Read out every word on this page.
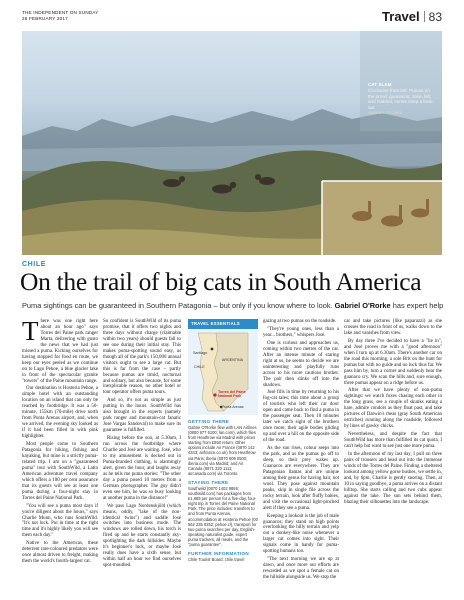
THE INDEPENDENT ON SUNDAY
26 FEBRUARY 2017	Travel 83
CAT SLAM
Clockwise from left: Pumas on the prowl; guanacos; José, left, and Gabriel, centre keep a look-out
GABRIEL O'RORKE
CHILE
On the trail of big cats in South America
Puma sightings can be guaranteed in Southern Patagonia – but only if you know where to look. Gabriel O'Rorke has expert help

There was one right here about an hour ago" says Torres del Paine park ranger Marta, delivering with gusto the news that we had just missed a puma. Kicking ourselves for having stopped for food en route, we keep our eyes peeled as we continue on to Lago Pehoe, a blue glacier lake in front of the spectacular granite "towers" of the Paine mountain range.

Our destination is Hosteria Pehoe, a simple hotel with an outstanding location on an island that can only be reached by footbridge. It was a 50-minute, 155km (70-mile) drive north from Punta Arenas airport, and, when we arrived, the evening sky looked as if it had been filled in with pink highlighter.

Most people come to Southern Patagonia for hiking, fishing and kayaking, but mine is a strictly puma-related trip. I am on a "guaranteed puma" tour with SouthWild, a Latin American adventure travel company which offers a 100 per cent assurance that its guests will see at least one puma during a four-night stay in Torres del Paine National Park.

"You will see a puma most days if you're diligent about the hours," says Charlie Munn, who runs SouthWild. "It's not luck. Put in time at the right time and it's highly likely you will see them each day."

Native to the Americas, these deterrent rare-coloured predators were once almost driven to freight, making them the world's fourth-largest cat.

So confident is SouthWild of its puma promise, that it offers two nights and three days without charge (claimable within two years) should guests fail to see one during their initial stay. This makes puma-spotting sound easy, as though all of the park's 150,000 annual visitors ought to see a large cat. But this is far from the case – partly because pumas are timid, nocturnal and solitary, but also because, for some inexplicable reason, no other hotel or tour operator offers puma tours.

And so, it's not as simple as just putting in the hours. SouthWild has also brought in the experts (namely park ranger and mountain-cat fanatic José Vargas Sandoval) to make sure its guarantee is fulfilled.

Rising before the sun, at 5.30am, I run across the footbridge where Charlie and José are waiting. José, who to my amusement is decked out in Puma-branded clothing, is alarmingly alert, given the hour, and laughs away as he tells me puma stories: "The other day a puma posed 10 metres from a German photographer. The guy didn't even see him, he was so busy looking at another puma in the distance!"

We pass Lago Nordenskjöld (which means, oddly, "lake of the non-identical twins") and saddle José switches into business mode. The windows are rolled down, his torch is fired up and he starts constantly sky-spotlighting the dark hillsides. Maybe it's beginner's luck, or maybe José really does have a sixth sense, but within half an hour we find ourselves spot-mouthed.

TRAVEL ESSENTIALS
Santiago
CHILE
ARGENTINA
Torres del Paine National Park
Punta Arenas
GETTING THERE
Gabrie O'Rorke flew with LAN Airlines (0800 977 6100; lan.com), which flies from Heathrow via Madrid with prices starting from £850 return. Other options include Air France (0870 142 4343; airfrance.co.uk) from Heathrow via Paris; Iberia (0870 609 0500; iberia.com) via Madrid; and Air Canada (0871 220 1111; aircanada.com) via Toronto.
STAYING THERE
Southwild (0870 1402 9886; southwild.com) has packages from £1,889 per person for a five-day, four-night trip in Torres del Paine National Park. The price includes: transfers to and from Punta Arenas, accommodation at Hosteria Pehoe (00 562 235 0252; pehoe.cl), transport for two puma searches per day, English-speaking naturalist guide, expert puma trackers, all meals, and the "puma guarantee".
FURTHER INFORMATION
Chile Tourist Board: chile.travel

gazing at two pumas on the roadside.

"They're young ones, less than a year... brothers," whispers José.

One is curious and approaches us, coming within two metres of the car. After an intense minute of staring right at us, he seems to decide we are uninteresting and playfully runs across to his more cautious brother. The pair then slinks off into the shadows.

José fills in time by returning to his fog-cat tales; this time about a group of tourists who left their car door open and came back to find a puma in the passenger seat. Then 10 minutes later we catch sight of the brothers once more, their agile bodies gliding up and over a hill on the opposite side of the road.

As the sun rises, colour seeps into the park, and as the pumas go off to sleep, so their prey wakes up. Guanacos are everywhere. They are Patagonian llamas and are unique among their genus for having hair, not wool. They pose against mountain peaks, skip in single file across the rocky terrain, look after fluffy babies, and visit the occasional light-pinched alert if they see a puma.

Keeping a lookout is the job of male guanacos; they stand on high points overlooking the hilly terrain and yelp out a donkey-like noise whenever a larger cat comes into sight. Their signals come in handy for puma-spotting humans too.

"The next morning we are up at dawn, and once more our efforts are rewarded as we spot a female cat on the hillside alongside us. We stop the

car and take pictures (like paparazzi) as she crosses the road in front of us, walks down to the lake and vanishes from view.

By day three I've decided to have a "lie in", and José proves me with a "good afternoon" when I turn up at 6.30am. There's another car on the road this morning, a sole Brit on the hunt for pumas but with no guide and no luck thus far. We pass him by, turn a corner and suddenly hear the guanaco cry. We scan the hills and, sure enough, three pumas appear on a ridge before us.

After that we have plenty of non-puma sightings: we watch foxes chasing each other in the long grass, see a couple of skunks eating a hare, admire condors as they float past, and take pictures of Darwin's rheas (gray South American ostriches) running along the roadside, followed by lines of gawky chicks.

Nevertheless, and despite the fact that SouthWild has more than fulfilled its cat quota, I can't help but want to see just one more puma.

In the afternoon of my last day, I pull on three pairs of trousers and head out into the immense winds of the Torres del Paine. Finding a sheltered lookout among yellow gorse bushes, we settle in, and, by 6pm, Charlie is gently snoring. Then, at 10 in saying goodbye, a puma arrives on a distant hilltop. She starts calling and two cubs appear against the lake. The sun sets behind them, blazing their silhouettes into the landscape.
